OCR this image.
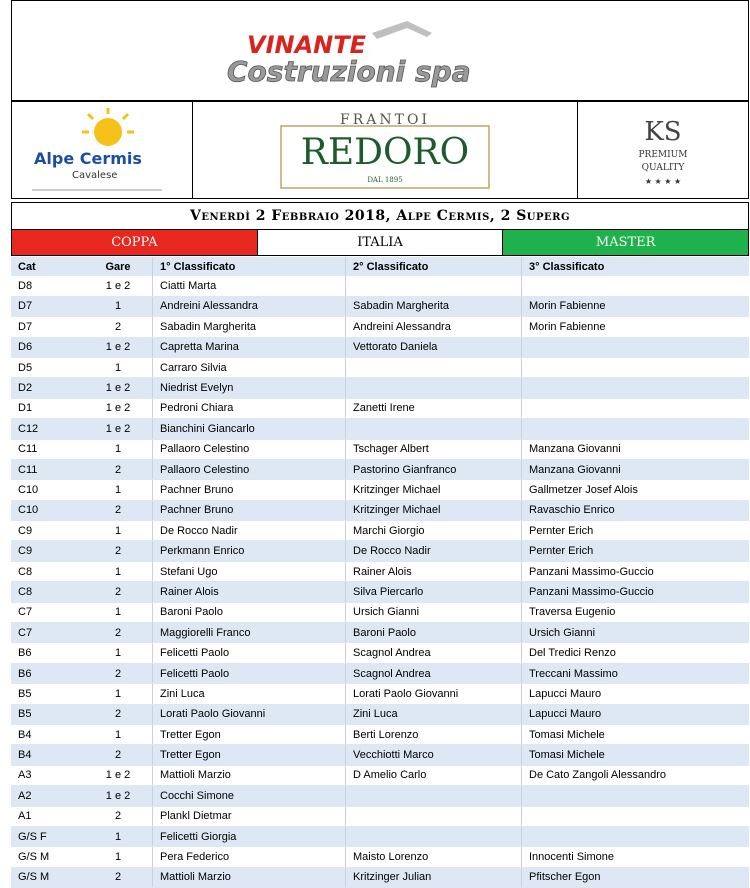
VINANTE
Costruzioni spa
Alpe Cermis
Cavalese
FRANTOI
REDORO
DAL 1895
KS
PREMIUM
QUALITY
★ ★ ★ ★
Venerdì 2 Febbraio 2018, Alpe Cermis, 2 Superg
COPPA	ITALIA	MASTER
Cat	Gare	1° Classificato	2° Classificato	3° Classificato
D8	1 e 2	Ciatti Marta		
D7	1	Andreini Alessandra	Sabadin Margherita	Morin Fabienne
D7	2	Sabadin Margherita	Andreini Alessandra	Morin Fabienne
D6	1 e 2	Capretta Marina	Vettorato Daniela	
D5	1	Carraro Silvia		
D2	1 e 2	Niedrist Evelyn		
D1	1 e 2	Pedroni Chiara	Zanetti Irene	
C12	1 e 2	Bianchini Giancarlo		
C11	1	Pallaoro Celestino	Tschager Albert	Manzana Giovanni
C11	2	Pallaoro Celestino	Pastorino Gianfranco	Manzana Giovanni
C10	1	Pachner Bruno	Kritzinger Michael	Gallmetzer Josef Alois
C10	2	Pachner Bruno	Kritzinger Michael	Ravaschio Enrico
C9	1	De Rocco Nadir	Marchi Giorgio	Pernter Erich
C9	2	Perkmann Enrico	De Rocco Nadir	Pernter Erich
C8	1	Stefani Ugo	Rainer Alois	Panzani Massimo-Guccio
C8	2	Rainer Alois	Silva Piercarlo	Panzani Massimo-Guccio
C7	1	Baroni Paolo	Ursich Gianni	Traversa Eugenio
C7	2	Maggiorelli Franco	Baroni Paolo	Ursich Gianni
B6	1	Felicetti Paolo	Scagnol Andrea	Del Tredici Renzo
B6	2	Felicetti Paolo	Scagnol Andrea	Treccani Massimo
B5	1	Zini Luca	Lorati Paolo Giovanni	Lapucci Mauro
B5	2	Lorati Paolo Giovanni	Zini Luca	Lapucci Mauro
B4	1	Tretter Egon	Berti Lorenzo	Tomasi Michele
B4	2	Tretter Egon	Vecchiotti Marco	Tomasi Michele
A3	1 e 2	Mattioli Marzio	D Amelio Carlo	De Cato Zangoli Alessandro
A2	1 e 2	Cocchi Simone		
A1	2	Plankl Dietmar		
G/S F	1	Felicetti Giorgia		
G/S M	1	Pera Federico	Maisto Lorenzo	Innocenti Simone
G/S M	2	Mattioli Marzio	Kritzinger Julian	Pfitscher Egon
